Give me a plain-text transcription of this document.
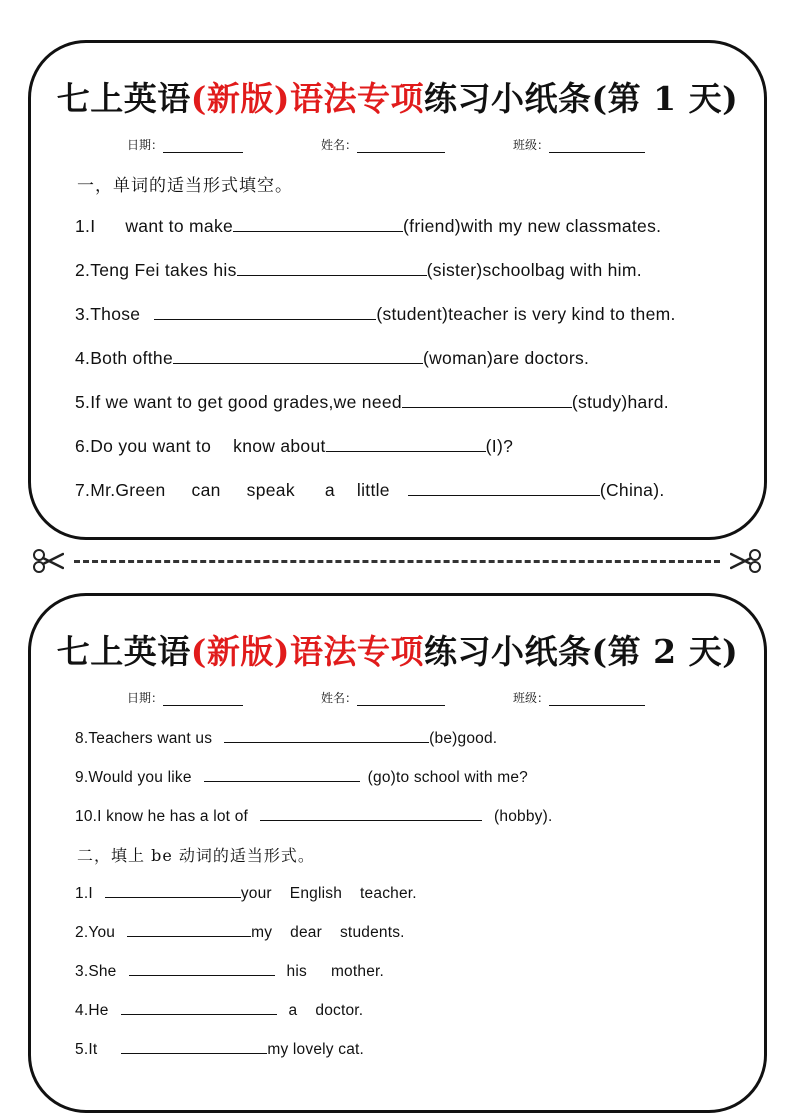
七上英语(新版)语法专项练习小纸条(第 1 天)
日期：	姓名：	班级：
一，单词的适当形式填空。
1.I want to make	(friend)with my new classmates.
2.Teng Fei takes his	(sister)schoolbag with him.
3.Those	(student)teacher is very kind to them.
4.Both ofthe	(woman)are doctors.
5.If we want to get good grades,we need	(study)hard.
6.Do you want to know about	(I)?
7.Mr.Green can speak a little	(China).
七上英语(新版)语法专项练习小纸条(第 2 天)
日期：	姓名：	班级：
8.Teachers want us	(be)good.
9.Would you like	(go)to school with me?
10.I know he has a lot of	(hobby).
二，填上 be 动词的适当形式。
1.I	your English teacher.
2.You	my dear students.
3.She	his mother.
4.He	a doctor.
5.It	my lovely cat.
